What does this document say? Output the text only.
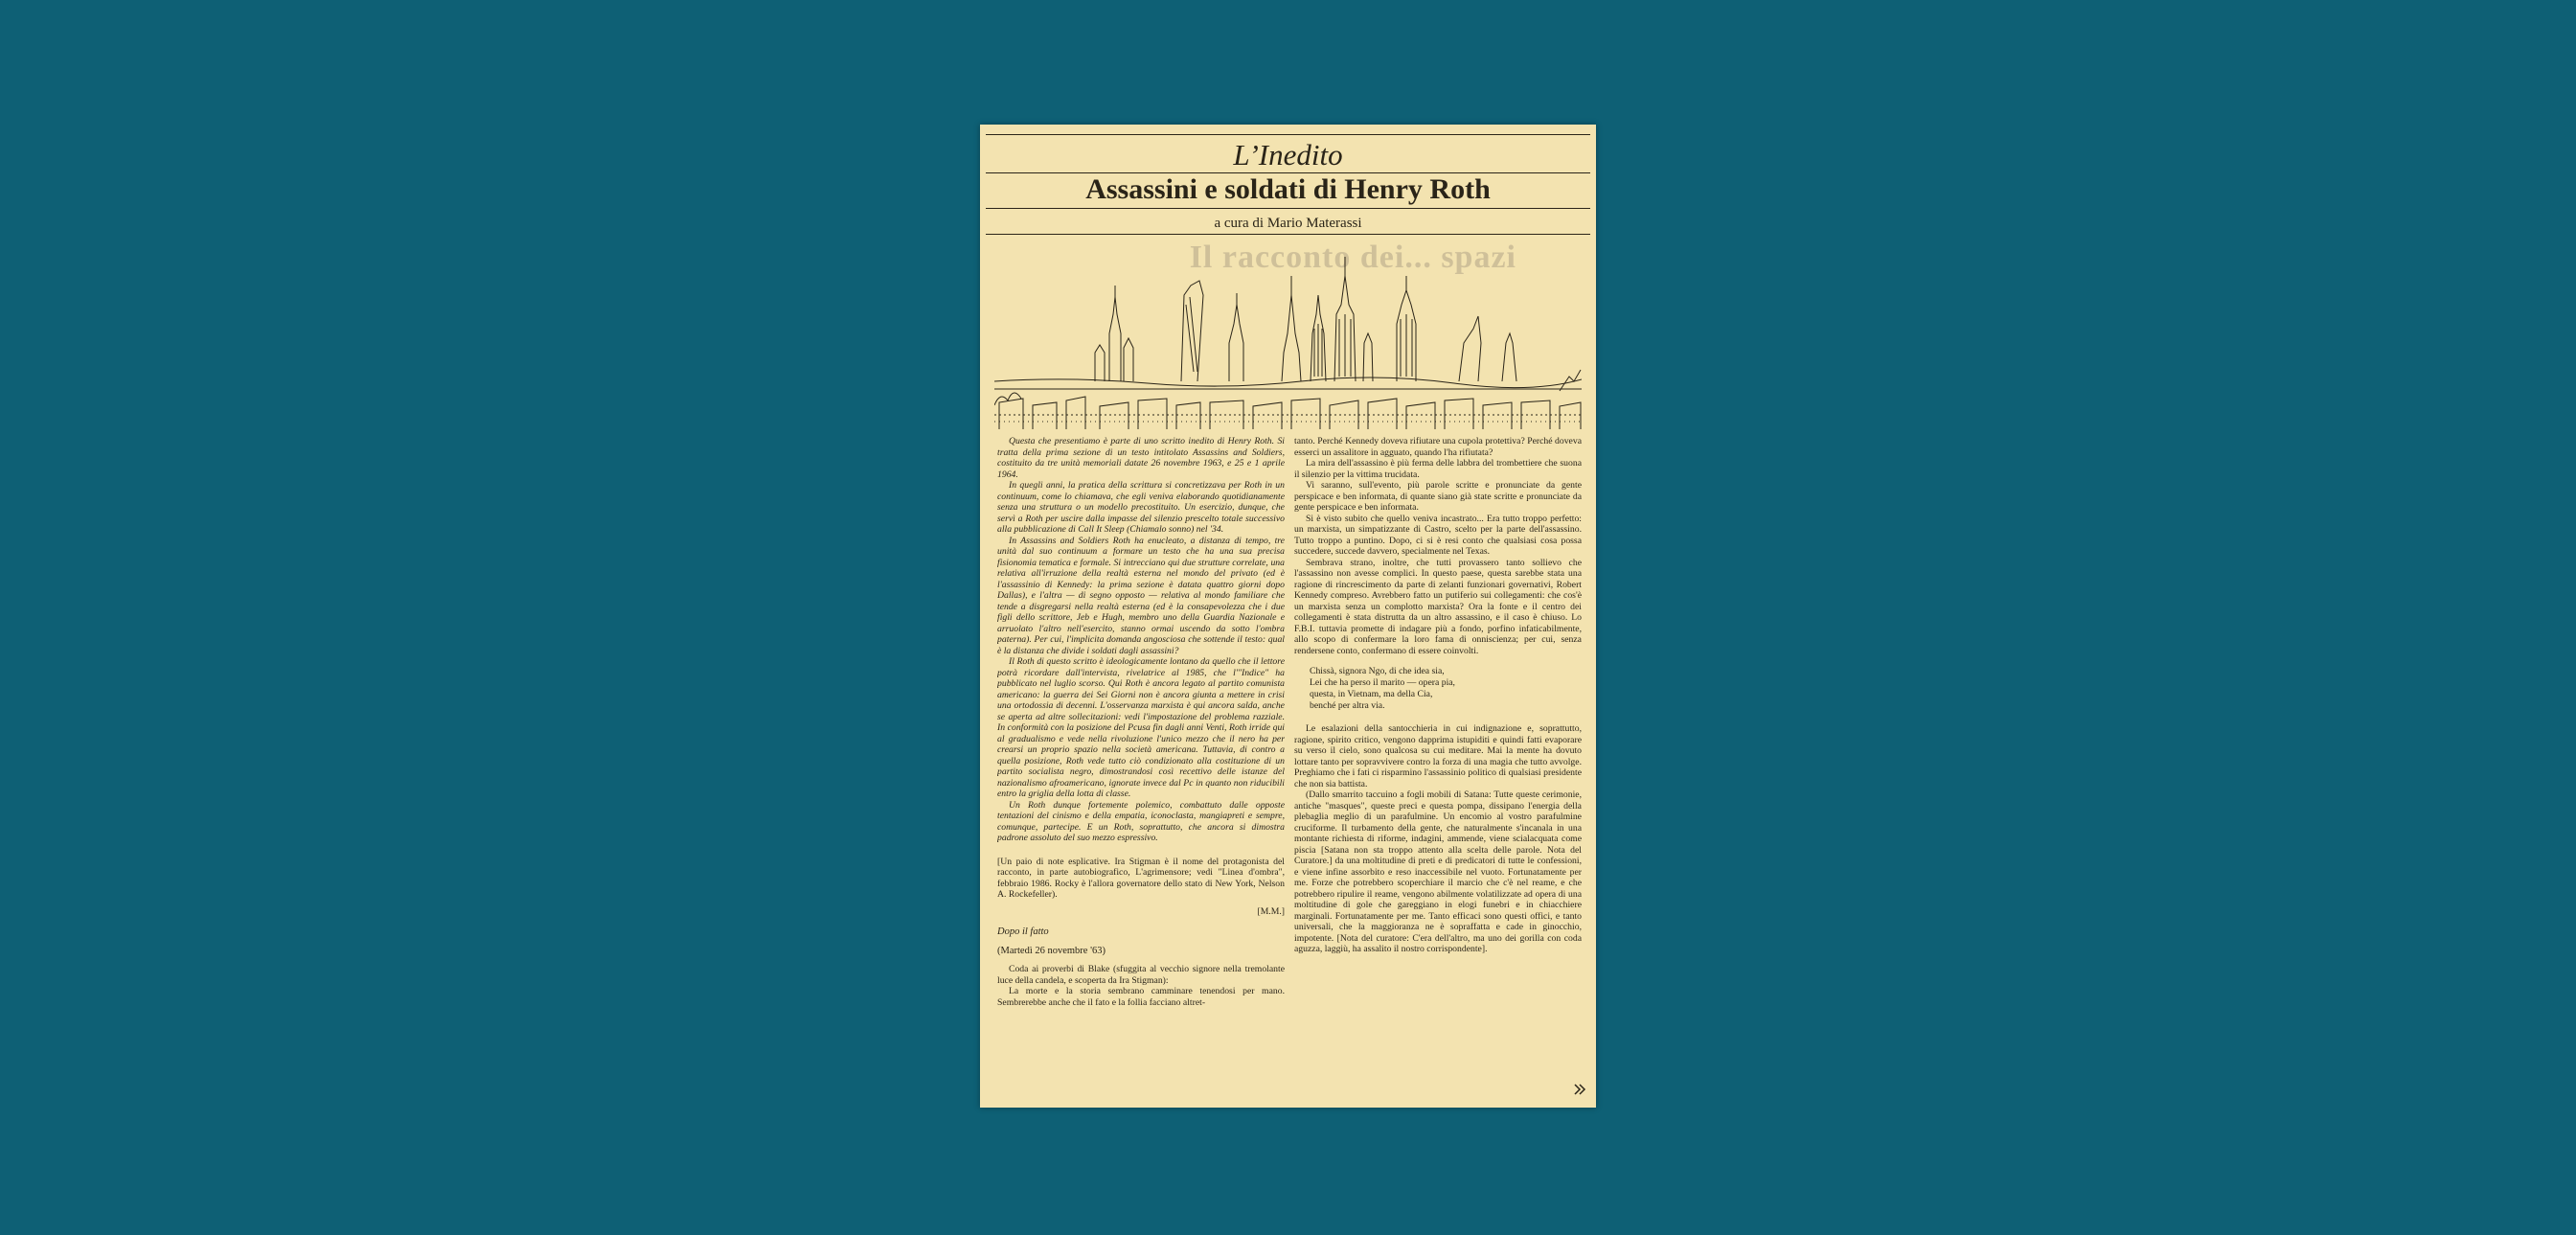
L’Inedito
Assassini e soldati di Henry Roth
a cura di Mario Materassi
Il racconto dei... spazi

Questa che presentiamo è parte di uno scritto inedito di Henry Roth. Si tratta della prima sezione di un testo intitolato Assassins and Soldiers, costituito da tre unità memoriali datate 26 novembre 1963, e 25 e 1 aprile 1964.

In quegli anni, la pratica della scrittura si concretizzava per Roth in un continuum, come lo chiamava, che egli veniva elaborando quotidianamente senza una struttura o un modello precostituito. Un esercizio, dunque, che servì a Roth per uscire dalla impasse del silenzio prescelto totale successivo alla pubblicazione di Call It Sleep (Chiamalo sonno) nel '34.

In Assassins and Soldiers Roth ha enucleato, a distanza di tempo, tre unità dal suo continuum a formare un testo che ha una sua precisa fisionomia tematica e formale. Si intrecciano qui due strutture correlate, una relativa all'irruzione della realtà esterna nel mondo del privato (ed è l'assassinio di Kennedy: la prima sezione è datata quattro giorni dopo Dallas), e l'altra — di segno opposto — relativa al mondo familiare che tende a disgregarsi nella realtà esterna (ed è la consapevolezza che i due figli dello scrittore, Jeb e Hugh, membro uno della Guardia Nazionale e arruolato l'altro nell'esercito, stanno ormai uscendo da sotto l'ombra paterna). Per cui, l'implicita domanda angosciosa che sottende il testo: qual è la distanza che divide i soldati dagli assassini?

Il Roth di questo scritto è ideologicamente lontano da quello che il lettore potrà ricordare dall'intervista, rivelatrice al 1985, che l'"Indice" ha pubblicato nel luglio scorso. Qui Roth è ancora legato al partito comunista americano: la guerra dei Sei Giorni non è ancora giunta a mettere in crisi una ortodossia di decenni. L'osservanza marxista è qui ancora salda, anche se aperta ad altre sollecitazioni: vedi l'impostazione del problema razziale. In conformità con la posizione del Pcusa fin dagli anni Venti, Roth irride qui al gradualismo e vede nella rivoluzione l'unico mezzo che il nero ha per crearsi un proprio spazio nella società americana. Tuttavia, di contro a quella posizione, Roth vede tutto ciò condizionato alla costituzione di un partito socialista negro, dimostrandosi così recettivo delle istanze del nazionalismo afroamericano, ignorate invece dal Pc in quanto non riducibili entro la griglia della lotta di classe.

Un Roth dunque fortemente polemico, combattuto dalle opposte tentazioni del cinismo e della empatia, iconoclasta, mangiapreti e sempre, comunque, partecipe. E un Roth, soprattutto, che ancora si dimostra padrone assoluto del suo mezzo espressivo.

[Un paio di note esplicative. Ira Stigman è il nome del protagonista del racconto, in parte autobiografico, L'agrimensore; vedi "Linea d'ombra", febbraio 1986. Rocky è l'allora governatore dello stato di New York, Nelson A. Rockefeller).

[M.M.]

Dopo il fatto

(Martedì 26 novembre '63)

Coda ai proverbi di Blake (sfuggita al vecchio signore nella tremolante luce della candela, e scoperta da Ira Stigman):

La morte e la storia sembrano camminare tenendosi per mano. Sembrerebbe anche che il fato e la follia facciano altret-

tanto. Perché Kennedy doveva rifiutare una cupola protettiva? Perché doveva esserci un assalitore in agguato, quando l'ha rifiutata?

La mira dell'assassino è più ferma delle labbra del trombettiere che suona il silenzio per la vittima trucidata.

Vi saranno, sull'evento, più parole scritte e pronunciate da gente perspicace e ben informata, di quante siano già state scritte e pronunciate da gente perspicace e ben informata.

Si è visto subito che quello veniva incastrato... Era tutto troppo perfetto: un marxista, un simpatizzante di Castro, scelto per la parte dell'assassino. Tutto troppo a puntino. Dopo, ci si è resi conto che qualsiasi cosa possa succedere, succede davvero, specialmente nel Texas.

Sembrava strano, inoltre, che tutti provassero tanto sollievo che l'assassino non avesse complici. In questo paese, questa sarebbe stata una ragione di rincrescimento da parte di zelanti funzionari governativi, Robert Kennedy compreso. Avrebbero fatto un putiferio sui collegamenti: che cos'è un marxista senza un complotto marxista? Ora la fonte e il centro dei collegamenti è stata distrutta da un altro assassino, e il caso è chiuso. Lo F.B.I. tuttavia promette di indagare più a fondo, porfino infaticabilmente, allo scopo di confermare la loro fama di onniscienza; per cui, senza rendersene conto, confermano di essere coinvolti.

Chissà, signora Ngo, di che idea sia,
Lei che ha perso il marito — opera pia,
questa, in Vietnam, ma della Cia,
benché per altra via.

Le esalazioni della santocchieria in cui indignazione e, soprattutto, ragione, spirito critico, vengono dapprima istupiditi e quindi fatti evaporare su verso il cielo, sono qualcosa su cui meditare. Mai la mente ha dovuto lottare tanto per sopravvivere contro la forza di una magia che tutto avvolge. Preghiamo che i fati ci risparmino l'assassinio politico di qualsiasi presidente che non sia battista.

(Dallo smarrito taccuino a fogli mobili di Satana: Tutte queste cerimonie, antiche "masques", queste preci e questa pompa, dissipano l'energia della plebaglia meglio di un parafulmine. Un encomio al vostro parafulmine cruciforme. Il turbamento della gente, che naturalmente s'incanala in una montante richiesta di riforme, indagini, ammende, viene scialacquata come piscia [Satana non sta troppo attento alla scelta delle parole. Nota del Curatore.] da una moltitudine di preti e di predicatori di tutte le confessioni, e viene infine assorbito e reso inaccessibile nel vuoto. Fortunatamente per me. Forze che potrebbero scoperchiare il marcio che c'è nel reame, e che potrebbero ripulire il reame, vengono abilmente volatilizzate ad opera di una moltitudine di gole che gareggiano in elogi funebri e in chiacchiere marginali. Fortunatamente per me. Tanto efficaci sono questi offici, e tanto universali, che la maggioranza ne è sopraffatta e cade in ginocchio, impotente. [Nota del curatore: C'era dell'altro, ma uno dei gorilla con coda aguzza, laggiù, ha assalito il nostro corrispondente].
